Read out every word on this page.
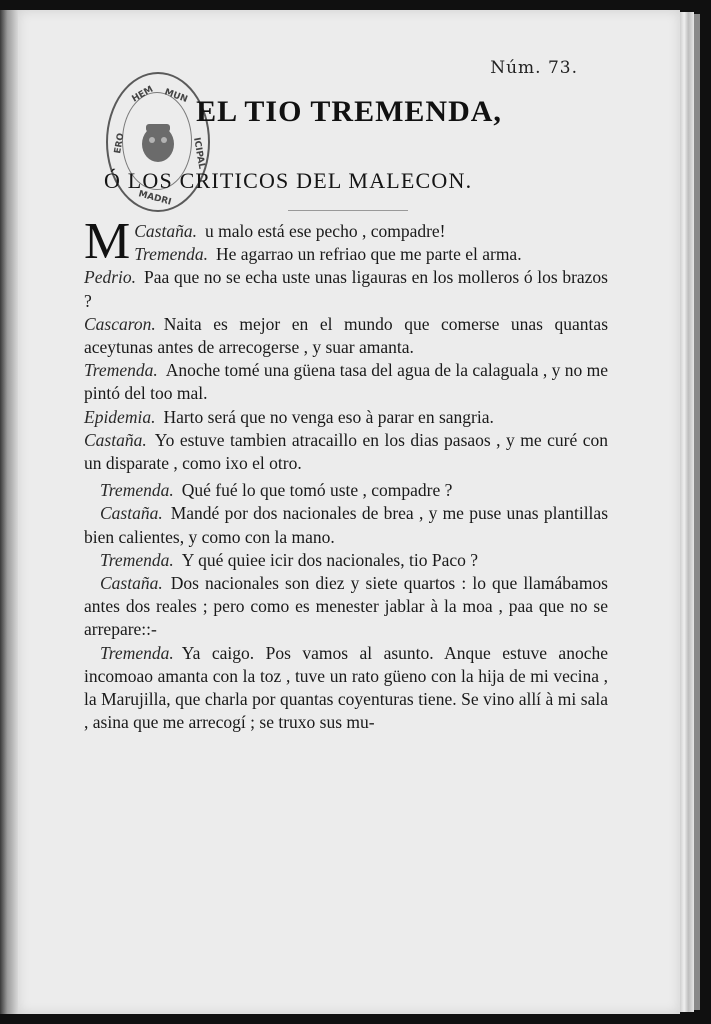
Núm. 73.
HEM MUN
ERO	ICIPAL
MADRI
EL TIO TREMENDA,
Ó LOS CRITICOS DEL MALECON.

Castaña.
M	u malo está ese pecho , compadre!

Tremenda. He agarrao un refriao que me parte el arma.

Pedrio. Paa que no se echa uste unas ligauras en los molleros ó los brazos ?

Cascaron. Naita es mejor en el mundo que comerse unas quantas aceytunas antes de arrecogerse , y suar amanta.

Tremenda. Anoche tomé una güena tasa del agua de la calaguala , y no me pintó del too mal.

Epidemia. Harto será que no venga eso à parar en sangria.

Castaña. Yo estuve tambien atracaillo en los dias pasaos , y me curé con un disparate , como ixo el otro.

Tremenda. Qué fué lo que tomó uste , compadre ?

Castaña. Mandé por dos nacionales de brea , y me puse unas plantillas bien calientes, y como con la mano.

Tremenda. Y qué quiee icir dos nacionales, tio Paco ?

Castaña. Dos nacionales son diez y siete quartos : lo que llamábamos antes dos reales ; pero como es menester jablar à la moa , paa que no se arrepare::-

Tremenda. Ya caigo. Pos vamos al asunto. Anque estuve anoche incomoao amanta con la toz , tuve un rato güeno con la hija de mi vecina , la Marujilla, que charla por quantas coyenturas tiene. Se vino allí à mi sala , asina que me arrecogí ; se truxo sus mu-
